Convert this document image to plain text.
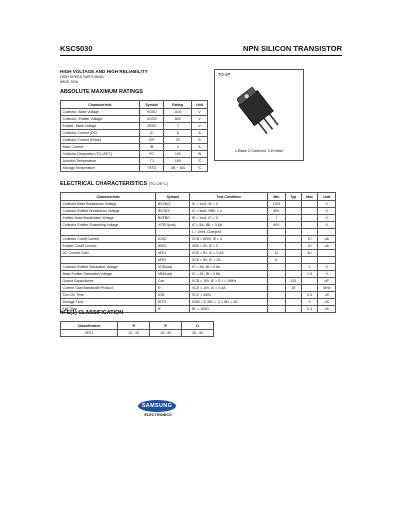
KSC5030	NPN SILICON TRANSISTOR
HIGH VOLTAGE AND HIGH RELIABILITY
HIGH SPEED SWITCHING
WIDE SOA
ABSOLUTE MAXIMUM RATINGS
Characteristic	Symbol	Rating	Unit
Collector- Base Voltage	VCBO	1100	V
Collector- Emitter Voltage	VCEO	800	V
Emitter- Base Voltage	VEBO	7	V
Collector Current (DC)	IC	8	A
Collector Current (Pulse)	ICP	20	A
Base Current	IB	3	A
Collector Dissipation (TC=25°C)	PC	100	W
Junction Temperature	TJ	150	°C
Storage Temperature	TSTG	-55 ~ 150	°C
TO-3P
1.Base 2.Collector 3.Emitter
ELECTRICAL CHARACTERISTICS (TC=25°C)
Characteristic	Symbol	Test Condition	Min	Typ	Max	Unit
Collector Base Breakdown Voltage	BVCBO	IC = 1mA, IE = 0	1100			V
Collector Emitter Breakdown Voltage	BVCES	IC = 5mA, RBE = ∞	800			V
Emitter Base Breakdown Voltage	BVEBO	IE = 1mA, IC = 0	7			V
Collector Emitter Sustaining Voltage	VCEO(sus)	IC = 5A, IB1 = 0.5A	800			V
		L = 2mH, Clamped				
Collector Cutoff Current	ICBO	VCB = 800V, IE = 0			10	uA
Emitter Cutoff Current	IEBO	VEB = 5V, IC = 0			10	uA
DC Current Gain	hFE1	VCE = 5V, IC = 0.4A	10		40	
	hFE2	VCE = 5V, IC = 2A	8			
Collector Emitter Saturation Voltage	VCE(sat)	IC = 3A, IB = 0.6A			2	V
Base Emitter Saturation Voltage	VBE(sat)	IC = 3A, IB = 0.6A			1.5	V
Output Capacitance	Cob	VCB = 10V, IE = 0, f = 1MHz		120		pF
Current Gain Bandwidth Product	fT	VCE = 10V, IC = 0.4A		15		MHz
Turn On Time	tON	VCC = 400V			0.5	uS
Storage Time	tSTG	IC/IB = 5, IB1 = -2 × IB2 = 4A			3	uS
Fall Time	tF	RL = 100Ω			0.3	uS
hFE(1) CLASSIFICATION
Classification	R	R	O
hFE1	10 - 20	15 - 30	20 - 40
SAMSUNG
ELECTRONICS
